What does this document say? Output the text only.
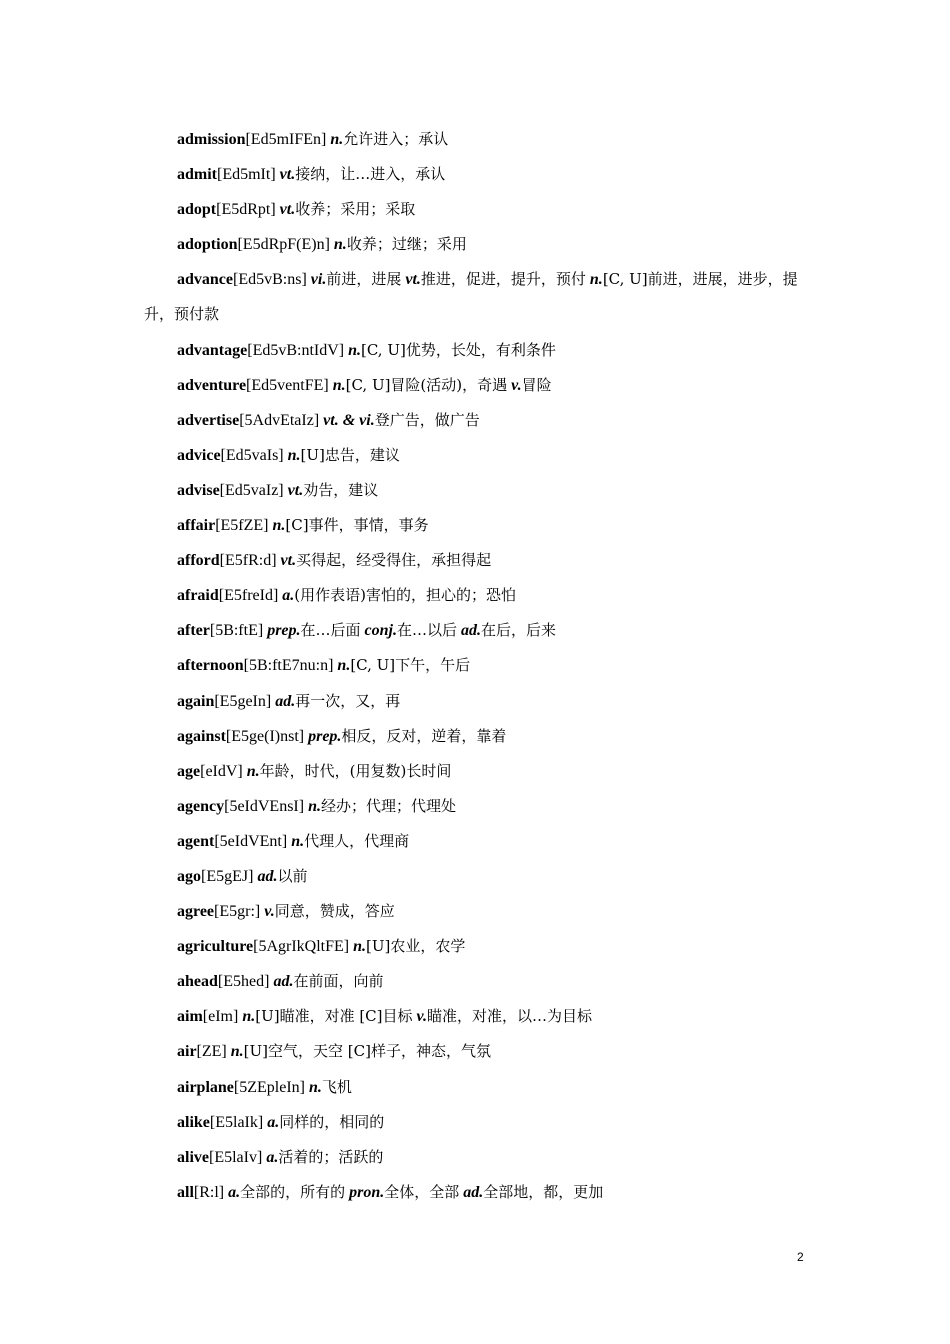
admission[Ed5mIFEn] n.允许进入；承认
admit[Ed5mIt] vt.接纳，让…进入，承认
adopt[E5dRpt] vt.收养；采用；采取
adoption[E5dRpF(E)n] n.收养；过继；采用
advance[Ed5vB:ns] vi.前进，进展 vt.推进，促进，提升，预付 n.[C, U]前进，进展，进步，提升，预付款
advantage[Ed5vB:ntIdV] n.[C, U]优势，长处，有利条件
adventure[Ed5ventFE] n.[C, U]冒险(活动)，奇遇 v.冒险
advertise[5AdvEtaIz] vt. & vi.登广告，做广告
advice[Ed5vaIs] n.[U]忠告，建议
advise[Ed5vaIz] vt.劝告，建议
affair[E5fZE] n.[C]事件，事情，事务
afford[E5fR:d] vt.买得起，经受得住，承担得起
afraid[E5freId] a.(用作表语)害怕的，担心的；恐怕
after[5B:ftE] prep.在…后面 conj.在…以后 ad.在后，后来
afternoon[5B:ftE7nu:n] n.[C, U]下午，午后
again[E5geIn] ad.再一次，又，再
against[E5ge(I)nst] prep.相反，反对，逆着，靠着
age[eIdV] n.年龄，时代，(用复数)长时间
agency[5eIdVEnsI] n.经办；代理；代理处
agent[5eIdVEnt] n.代理人，代理商
ago[E5gEJ] ad.以前
agree[E5gr:] v.同意，赞成，答应
agriculture[5AgrIkQltFE] n.[U]农业，农学
ahead[E5hed] ad.在前面，向前
aim[eIm] n.[U]瞄准，对准 [C]目标 v.瞄准，对准，以…为目标
air[ZE] n.[U]空气，天空 [C]样子，神态，气氛
airplane[5ZEpleIn] n.飞机
alike[E5laIk] a.同样的，相同的
alive[E5laIv] a.活着的；活跃的
all[R:l] a.全部的，所有的 pron.全体，全部 ad.全部地，都，更加
2
